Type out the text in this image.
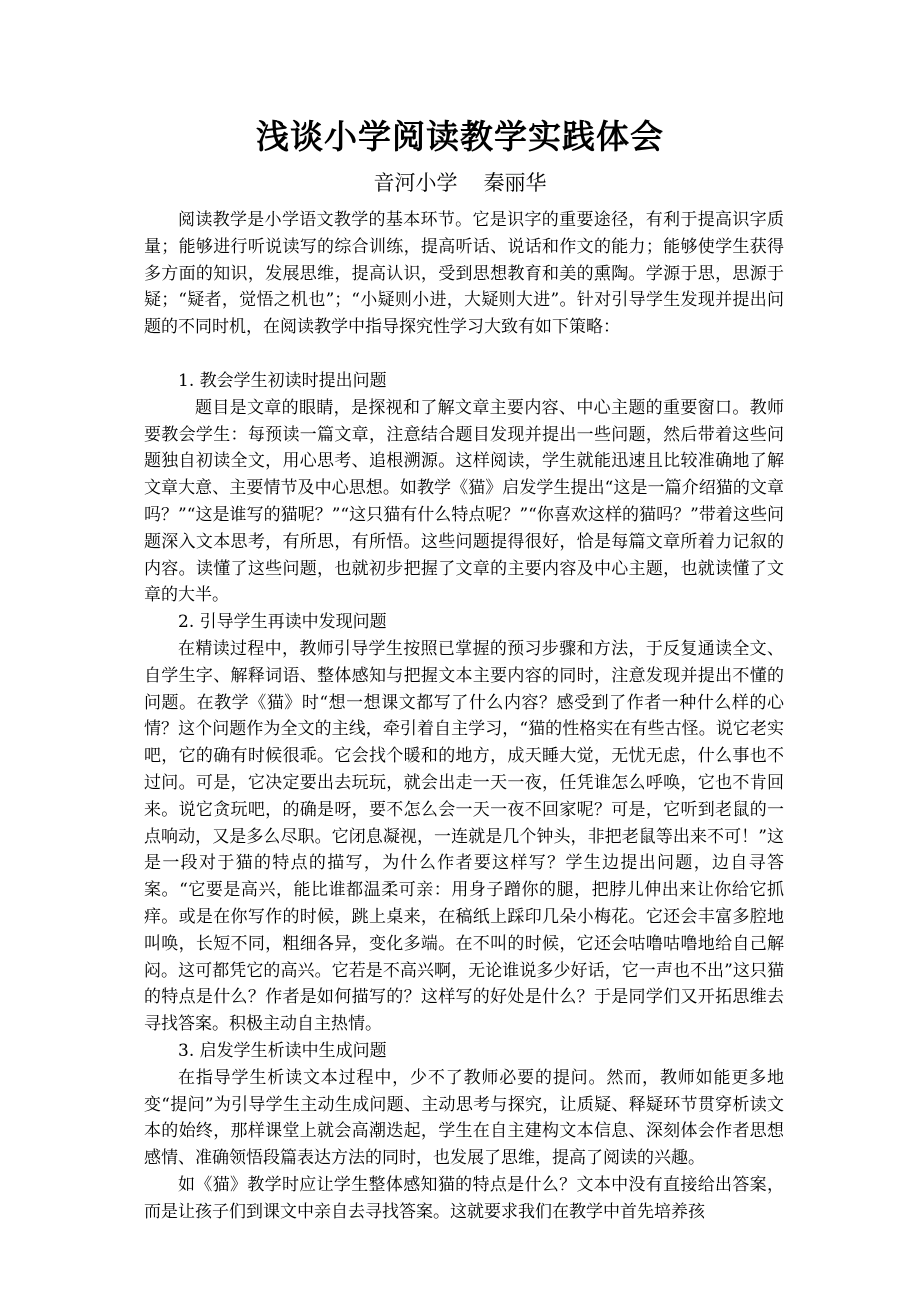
浅谈小学阅读教学实践体会
音河小学 秦丽华

阅读教学是小学语文教学的基本环节。它是识字的重要途径，有利于提高识字质量；能够进行听说读写的综合训练，提高听话、说话和作文的能力；能够使学生获得多方面的知识，发展思维，提高认识，受到思想教育和美的熏陶。学源于思，思源于疑；“疑者，觉悟之机也”；“小疑则小进，大疑则大进”。针对引导学生发现并提出问题的不同时机，在阅读教学中指导探究性学习大致有如下策略：

1. 教会学生初读时提出问题

题目是文章的眼睛，是探视和了解文章主要内容、中心主题的重要窗口。教师要教会学生：每预读一篇文章，注意结合题目发现并提出一些问题，然后带着这些问题独自初读全文，用心思考、追根溯源。这样阅读，学生就能迅速且比较准确地了解文章大意、主要情节及中心思想。如教学《猫》启发学生提出“这是一篇介绍猫的文章吗？”“这是谁写的猫呢？”“这只猫有什么特点呢？”“你喜欢这样的猫吗？”带着这些问题深入文本思考，有所思，有所悟。这些问题提得很好，恰是每篇文章所着力记叙的内容。读懂了这些问题，也就初步把握了文章的主要内容及中心主题，也就读懂了文章的大半。

2. 引导学生再读中发现问题

在精读过程中，教师引导学生按照已掌握的预习步骤和方法，于反复通读全文、自学生字、解释词语、整体感知与把握文本主要内容的同时，注意发现并提出不懂的问题。在教学《猫》时“想一想课文都写了什么内容？感受到了作者一种什么样的心情？这个问题作为全文的主线，牵引着自主学习，“猫的性格实在有些古怪。说它老实吧，它的确有时候很乖。它会找个暖和的地方，成天睡大觉，无忧无虑，什么事也不过问。可是，它决定要出去玩玩，就会出走一天一夜，任凭谁怎么呼唤，它也不肯回来。说它贪玩吧，的确是呀，要不怎么会一天一夜不回家呢？可是，它听到老鼠的一点响动，又是多么尽职。它闭息凝视，一连就是几个钟头，非把老鼠等出来不可！”这是一段对于猫的特点的描写，为什么作者要这样写？学生边提出问题，边自寻答案。“它要是高兴，能比谁都温柔可亲：用身子蹭你的腿，把脖儿伸出来让你给它抓痒。或是在你写作的时候，跳上桌来，在稿纸上踩印几朵小梅花。它还会丰富多腔地叫唤，长短不同，粗细各异，变化多端。在不叫的时候，它还会咕噜咕噜地给自己解闷。这可都凭它的高兴。它若是不高兴啊，无论谁说多少好话，它一声也不出”这只猫的特点是什么？作者是如何描写的？这样写的好处是什么？于是同学们又开拓思维去寻找答案。积极主动自主热情。

3. 启发学生析读中生成问题

在指导学生析读文本过程中，少不了教师必要的提问。然而，教师如能更多地变“提问”为引导学生主动生成问题、主动思考与探究，让质疑、释疑环节贯穿析读文本的始终，那样课堂上就会高潮迭起，学生在自主建构文本信息、深刻体会作者思想感情、准确领悟段篇表达方法的同时，也发展了思维，提高了阅读的兴趣。

如《猫》教学时应让学生整体感知猫的特点是什么？文本中没有直接给出答案，而是让孩子们到课文中亲自去寻找答案。这就要求我们在教学中首先培养孩
